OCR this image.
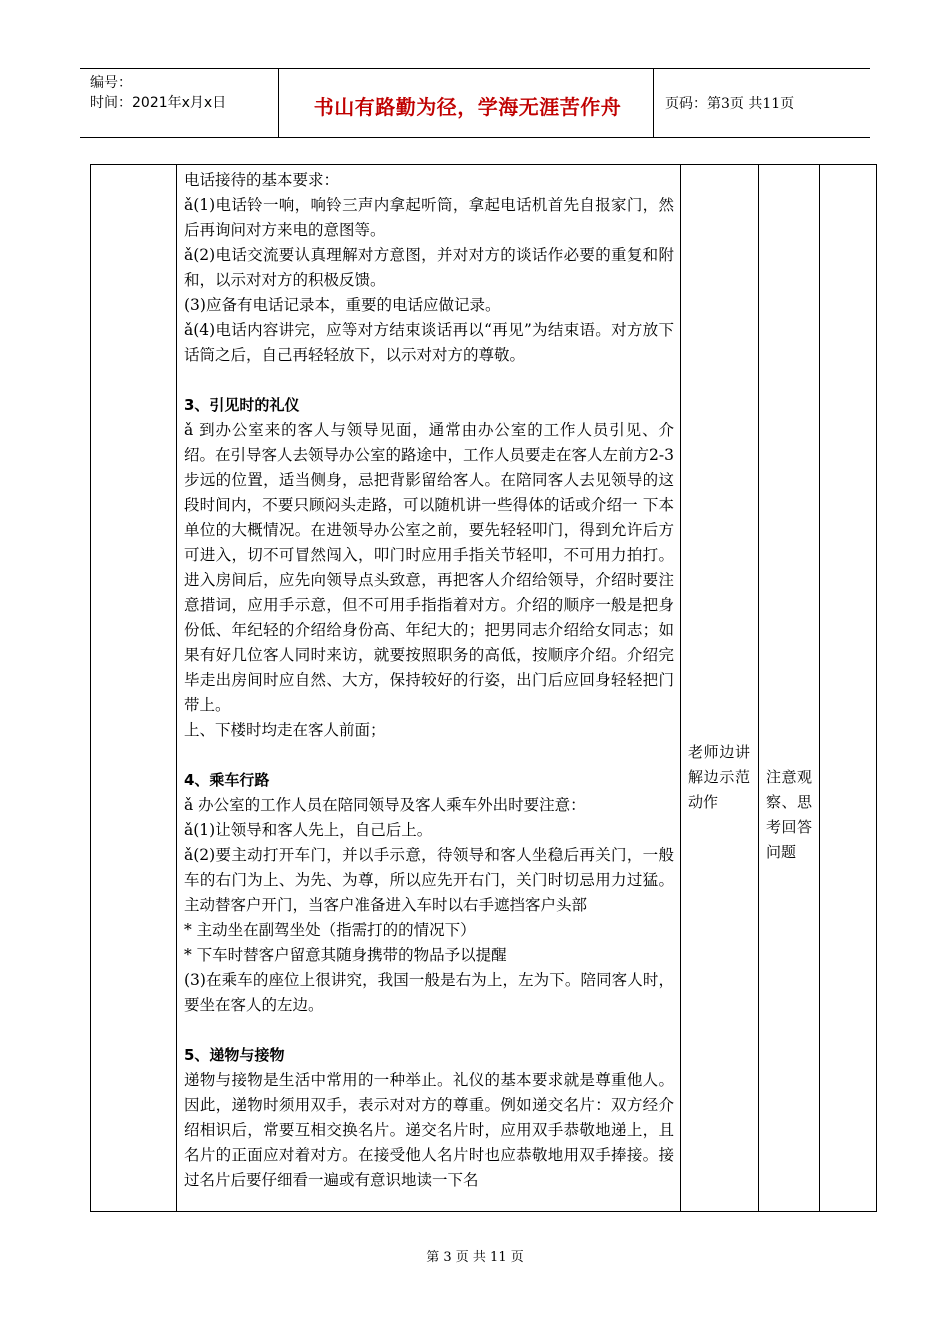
编号：
时间：2021年x月x日	书山有路勤为径，学海无涯苦作舟	页码：第3页 共11页

电话接待的基本要求：

ǎ(1)电话铃一响，响铃三声内拿起听筒，拿起电话机首先自报家门，然后再询问对方来电的意图等。

ǎ(2)电话交流要认真理解对方意图，并对对方的谈话作必要的重复和附和，以示对对方的积极反馈。

(3)应备有电话记录本，重要的电话应做记录。

ǎ(4)电话内容讲完，应等对方结束谈话再以“再见”为结束语。对方放下话筒之后，自己再轻轻放下，以示对对方的尊敬。

3、引见时的礼仪

ǎ 到办公室来的客人与领导见面，通常由办公室的工作人员引见、介绍。在引导客人去领导办公室的路途中，工作人员要走在客人左前方2-3步远的位置，适当侧身，忌把背影留给客人。在陪同客人去见领导的这段时间内，不要只顾闷头走路，可以随机讲一些得体的话或介绍一 下本单位的大概情况。在进领导办公室之前，要先轻轻叩门，得到允许后方可进入，切不可冒然闯入，叩门时应用手指关节轻叩，不可用力拍打。进入房间后，应先向领导点头致意，再把客人介绍给领导，介绍时要注意措词，应用手示意，但不可用手指指着对方。介绍的顺序一般是把身份低、年纪轻的介绍给身份高、年纪大的；把男同志介绍给女同志；如果有好几位客人同时来访，就要按照职务的高低，按顺序介绍。介绍完毕走出房间时应自然、大方，保持较好的行姿，出门后应回身轻轻把门带上。

上、下楼时均走在客人前面；

4、乘车行路

ǎ 办公室的工作人员在陪同领导及客人乘车外出时要注意：

ǎ(1)让领导和客人先上，自己后上。

ǎ(2)要主动打开车门，并以手示意，待领导和客人坐稳后再关门，一般车的右门为上、为先、为尊，所以应先开右门，关门时切忌用力过猛。主动替客户开门，当客户准备进入车时以右手遮挡客户头部

* 主动坐在副驾坐处（指需打的的情况下）

* 下车时替客户留意其随身携带的物品予以提醒

(3)在乘车的座位上很讲究，我国一般是右为上，左为下。陪同客人时，要坐在客人的左边。

5、递物与接物

递物与接物是生活中常用的一种举止。礼仪的基本要求就是尊重他人。因此，递物时须用双手，表示对对方的尊重。例如递交名片：双方经介绍相识后，常要互相交换名片。递交名片时，应用双手恭敬地递上，且名片的正面应对着对方。在接受他人名片时也应恭敬地用双手捧接。接过名片后要仔细看一遍或有意识地读一下名

老师边讲解边示范动作
注意观察、思考回答问题
第 3 页 共 11 页
